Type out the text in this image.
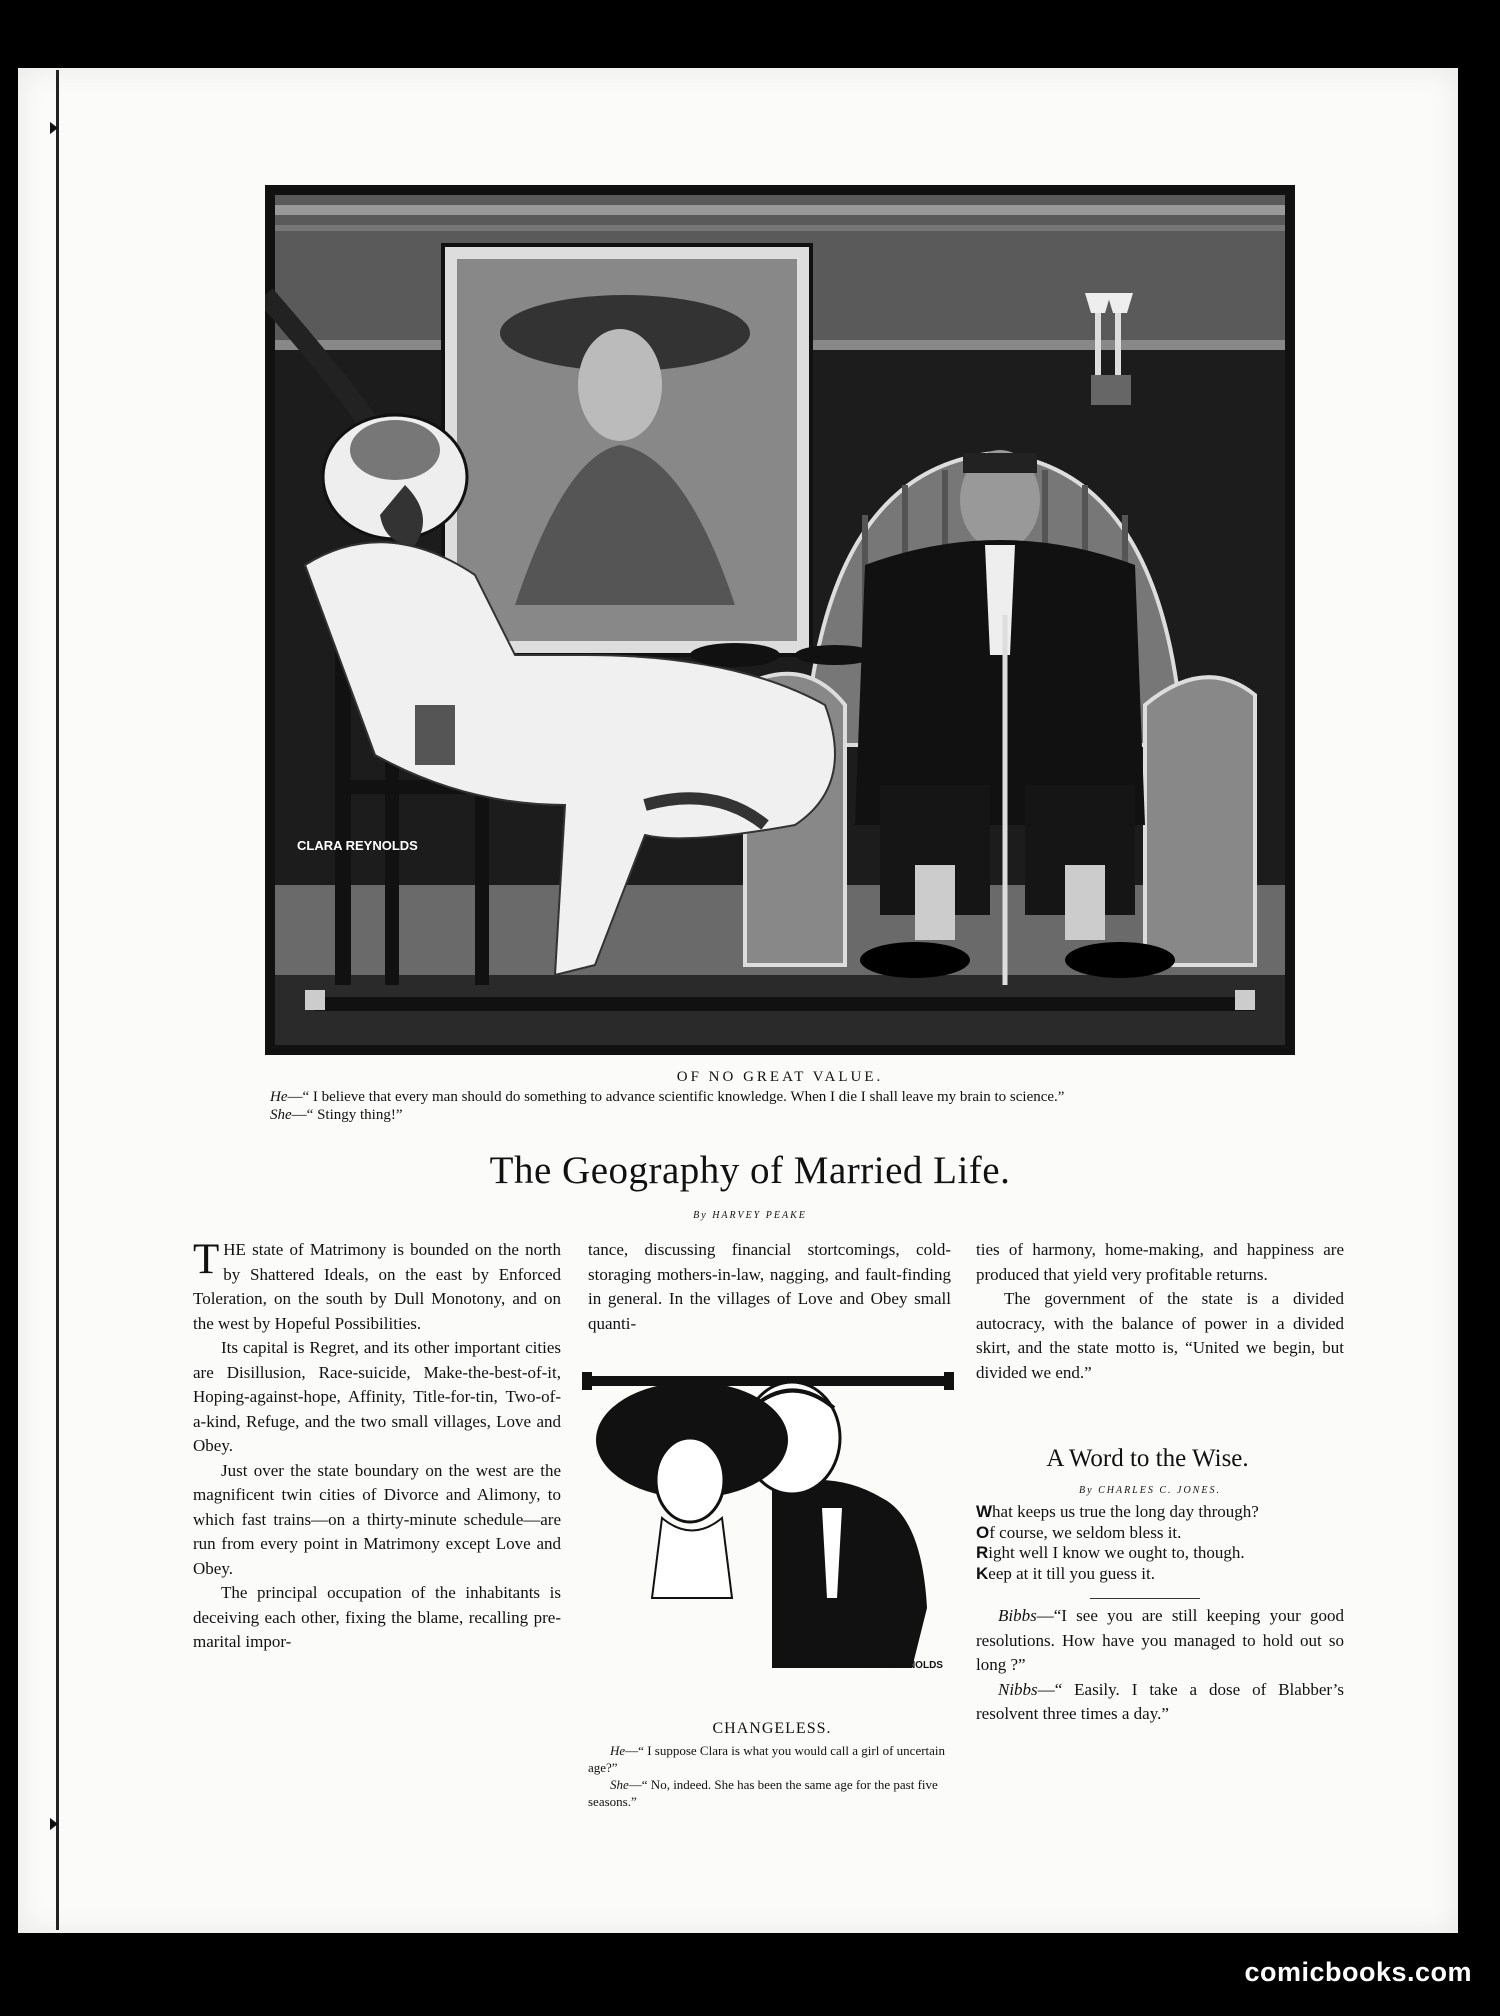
CLARA REYNOLDS
OF NO GREAT VALUE.
He—“ I believe that every man should do something to advance scientific knowledge. When I die I shall leave my brain to science.”
She—“ Stingy thing!”
The Geography of Married Life.
By HARVEY PEAKE

THE state of Matrimony is bounded on the north by Shattered Ideals, on the east by Enforced Toleration, on the south by Dull Monotony, and on the west by Hopeful Possibilities.

Its capital is Regret, and its other important cities are Disillusion, Race-suicide, Make-the-best-of-it, Hoping-against-hope, Affinity, Title-for-tin, Two-of-a-kind, Refuge, and the two small villages, Love and Obey.

Just over the state boundary on the west are the magnificent twin cities of Divorce and Alimony, to which fast trains—on a thirty-minute schedule—are run from every point in Matrimony except Love and Obey.

The principal occupation of the inhabitants is deceiving each other, fixing the blame, recalling pre-marital impor-

tance, discussing financial stortcomings, cold-storaging mothers-in-law, nagging, and fault-finding in general. In the villages of Love and Obey small quanti-

CLARA REYNOLDS
CHANGELESS.

He—“ I suppose Clara is what you would call a girl of uncertain age?”

She—“ No, indeed. She has been the same age for the past five seasons.”

ties of harmony, home-making, and happiness are produced that yield very profitable returns.

The government of the state is a divided autocracy, with the balance of power in a divided skirt, and the state motto is, “United we begin, but divided we end.”

A Word to the Wise.
By CHARLES C. JONES.
What keeps us true the long day through?
Of course, we seldom bless it.
Right well I know we ought to, though.
Keep at it till you guess it.

Bibbs—“I see you are still keeping your good resolutions. How have you managed to hold out so long ?”

Nibbs—“ Easily. I take a dose of Blabber’s resolvent three times a day.”

comicbooks.com
